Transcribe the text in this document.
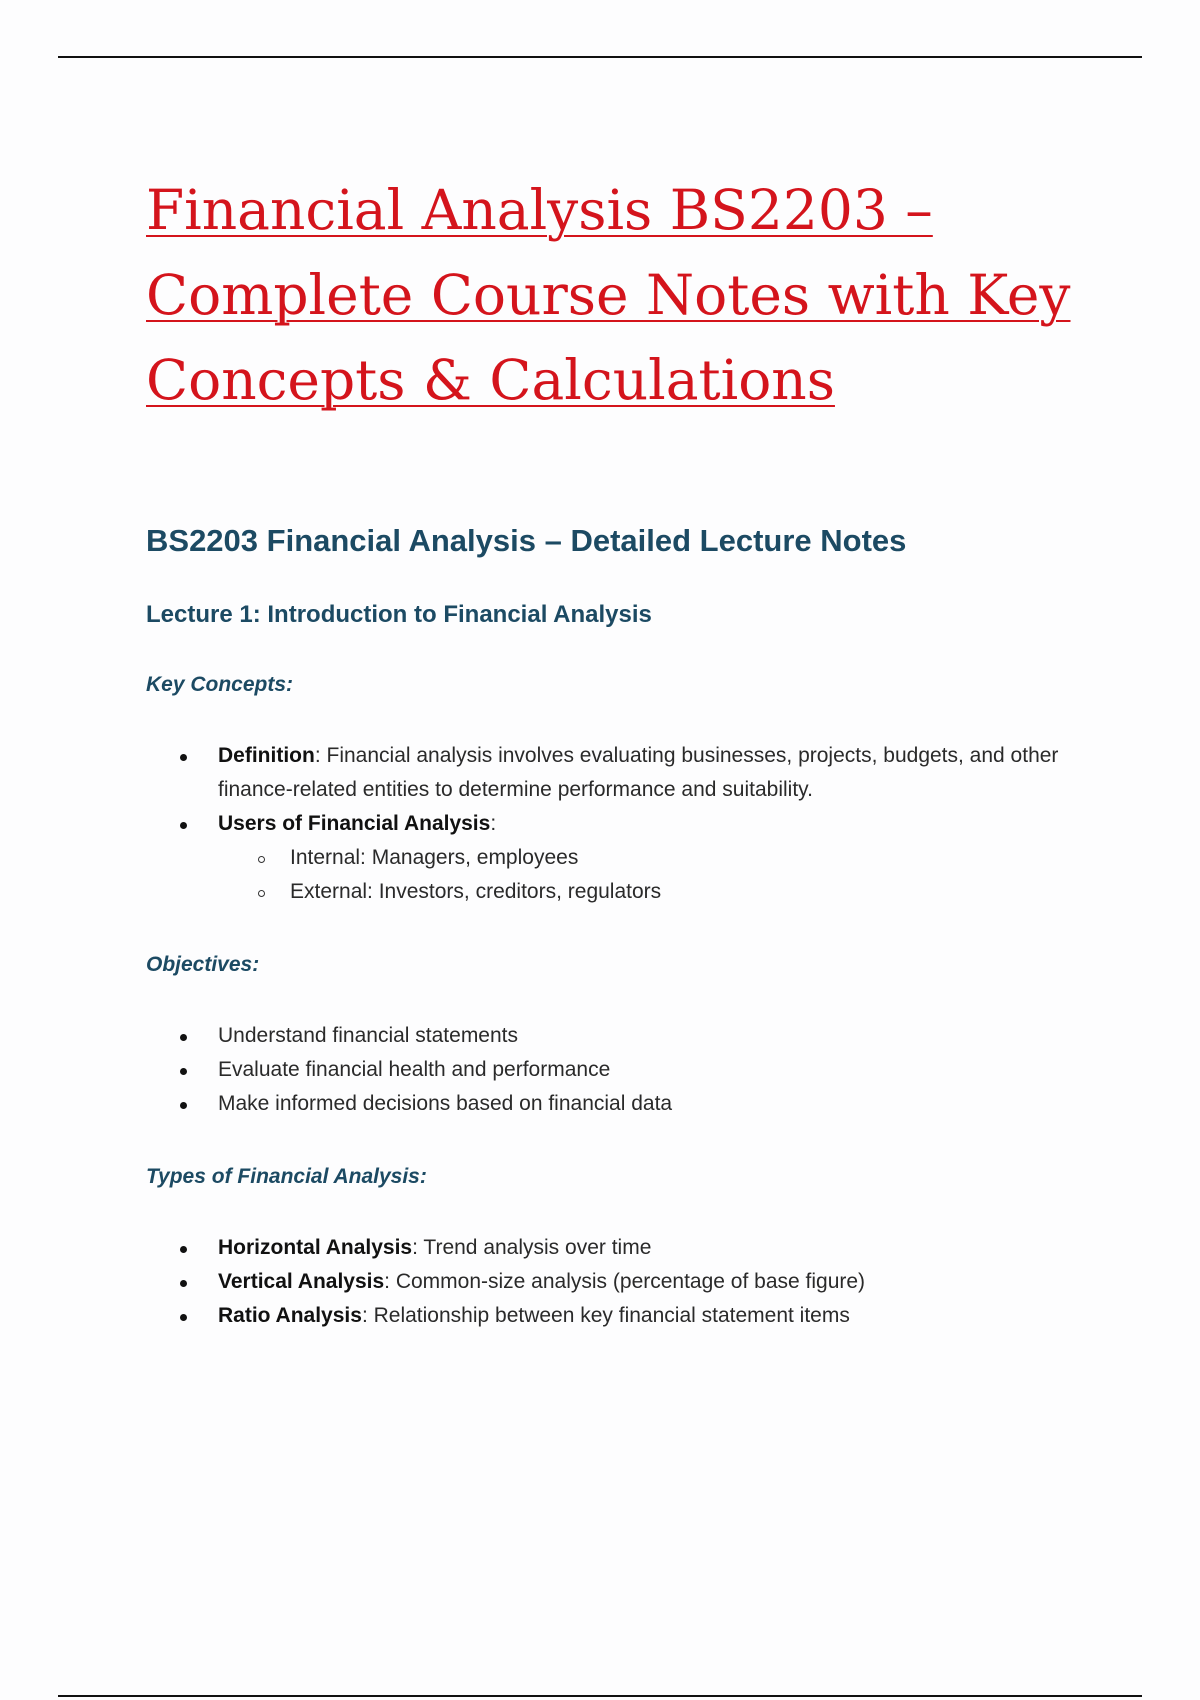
Financial Analysis BS2203 – Complete Course Notes with Key Concepts & Calculations
BS2203 Financial Analysis – Detailed Lecture Notes
Lecture 1: Introduction to Financial Analysis
Key Concepts:
Definition: Financial analysis involves evaluating businesses, projects, budgets, and other finance-related entities to determine performance and suitability.
Users of Financial Analysis:
Internal: Managers, employees
External: Investors, creditors, regulators
Objectives:
Understand financial statements
Evaluate financial health and performance
Make informed decisions based on financial data
Types of Financial Analysis:
Horizontal Analysis: Trend analysis over time
Vertical Analysis: Common-size analysis (percentage of base figure)
Ratio Analysis: Relationship between key financial statement items
